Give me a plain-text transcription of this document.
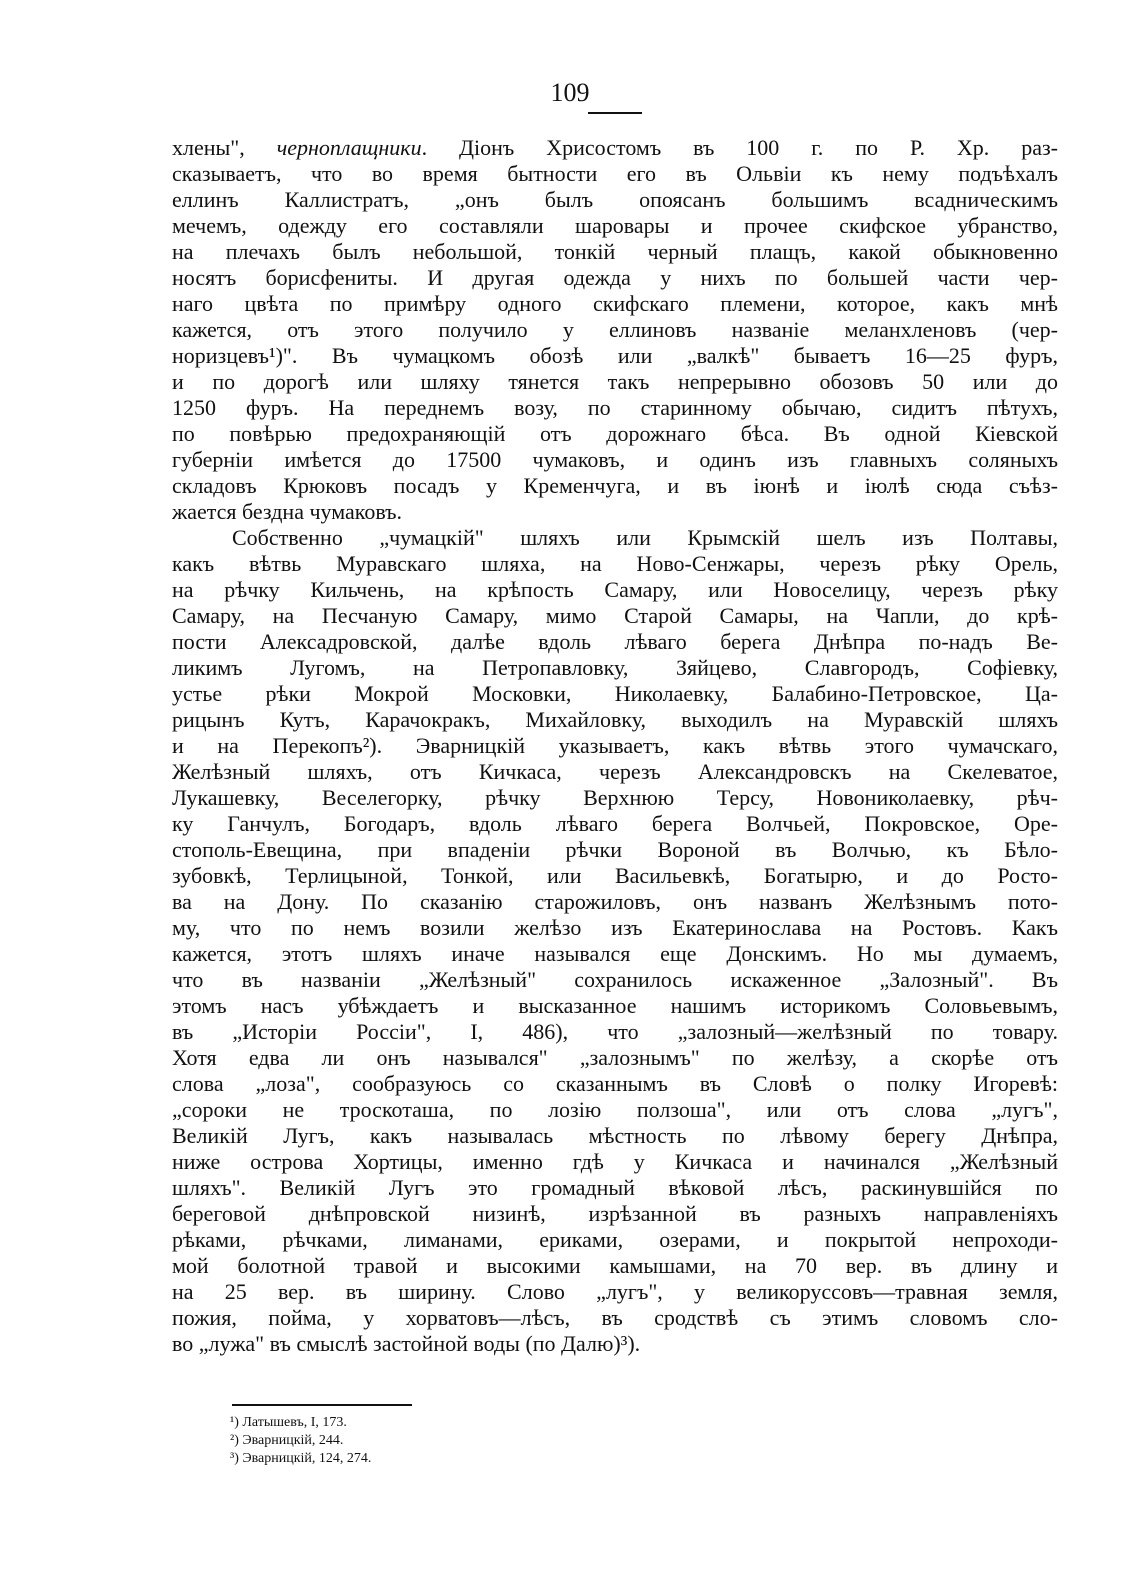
109
хлены", черноплащники. Діонъ Хрисостомъ въ 100 г. по Р. Хр. раз-
сказываетъ, что во время бытности его въ Ольвіи къ нему подъѣхалъ
еллинъ Каллистратъ, „онъ былъ опоясанъ большимъ всадническимъ
мечемъ, одежду его составляли шаровары и прочее скифское убранство,
на плечахъ былъ небольшой, тонкій черный плащъ, какой обыкновенно
носятъ борисфениты. И другая одежда у нихъ по большей части чер-
наго цвѣта по примѣру одного скифскаго племени, которое, какъ мнѣ
кажется, отъ этого получило у еллиновъ названіе меланхленовъ (чер-
норизцевъ¹)". Въ чумацкомъ обозѣ или „валкѣ" бываетъ 16—25 фуръ,
и по дорогѣ или шляху тянется такъ непрерывно обозовъ 50 или до
1250 фуръ. На переднемъ возу, по старинному обычаю, сидитъ пѣтухъ,
по повѣрью предохраняющій отъ дорожнаго бѣса. Въ одной Кіевской
губерніи имѣется до 17500 чумаковъ, и одинъ изъ главныхъ соляныхъ
складовъ Крюковъ посадъ у Кременчуга, и въ іюнѣ и іюлѣ сюда съѣз-
жается бездна чумаковъ.
Собственно „чумацкій" шляхъ или Крымскій шелъ изъ Полтавы,
какъ вѣтвь Муравскаго шляха, на Ново-Сенжары, черезъ рѣку Орель,
на рѣчку Кильчень, на крѣпость Самару, или Новоселицу, черезъ рѣку
Самару, на Песчаную Самару, мимо Старой Самары, на Чапли, до крѣ-
пости Алексадровской, далѣе вдоль лѣваго берега Днѣпра по-надъ Ве-
ликимъ Лугомъ, на Петропавловку, Зяйцево, Славгородъ, Софіевку,
устье рѣки Мокрой Московки, Николаевку, Балабино-Петровское, Ца-
рицынъ Кутъ, Карачокракъ, Михайловку, выходилъ на Муравскій шляхъ
и на Перекопъ²). Эварницкій указываетъ, какъ вѣтвь этого чумачскаго,
Желѣзный шляхъ, отъ Кичкаса, черезъ Александровскъ на Скелеватое,
Лукашевку, Веселегорку, рѣчку Верхнюю Терсу, Новониколаевку, рѣч-
ку Ганчулъ, Богодаръ, вдоль лѣваго берега Волчьей, Покровское, Оре-
стополь-Евещина, при впаденіи рѣчки Вороной въ Волчью, къ Бѣло-
зубовкѣ, Терлицыной, Тонкой, или Васильевкѣ, Богатырю, и до Росто-
ва на Дону. По сказанію старожиловъ, онъ названъ Желѣзнымъ пото-
му, что по немъ возили желѣзо изъ Екатеринослава на Ростовъ. Какъ
кажется, этотъ шляхъ иначе назывался еще Донскимъ. Но мы думаемъ,
что въ названіи „Желѣзный" сохранилось искаженное „Залозный". Въ
этомъ насъ убѣждаетъ и высказанное нашимъ историкомъ Соловьевымъ,
въ „Исторіи Россіи", І, 486), что „залозный—желѣзный по товару.
Хотя едва ли онъ назывался" „залознымъ" по желѣзу, а скорѣе отъ
слова „лоза", сообразуюсь со сказаннымъ въ Словѣ о полку Игоревѣ:
„сороки не троскоташа, по лозію ползоша", или отъ слова „лугъ",
Великій Лугъ, какъ называлась мѣстность по лѣвому берегу Днѣпра,
ниже острова Хортицы, именно гдѣ у Кичкаса и начинался „Желѣзный
шляхъ". Великій Лугъ это громадный вѣковой лѣсъ, раскинувшійся по
береговой днѣпровской низинѣ, изрѣзанной въ разныхъ направленіяхъ
рѣками, рѣчками, лиманами, ериками, озерами, и покрытой непроходи-
мой болотной травой и высокими камышами, на 70 вер. въ длину и
на 25 вер. въ ширину. Слово „лугъ", у великоруссовъ—травная земля,
пожия, пойма, у хорватовъ—лѣсъ, въ сродствѣ съ этимъ словомъ сло-
во „лужа" въ смыслѣ застойной воды (по Далю)³).
¹) Латышевъ, І, 173.
²) Эварницкій, 244.
³) Эварницкій, 124, 274.
